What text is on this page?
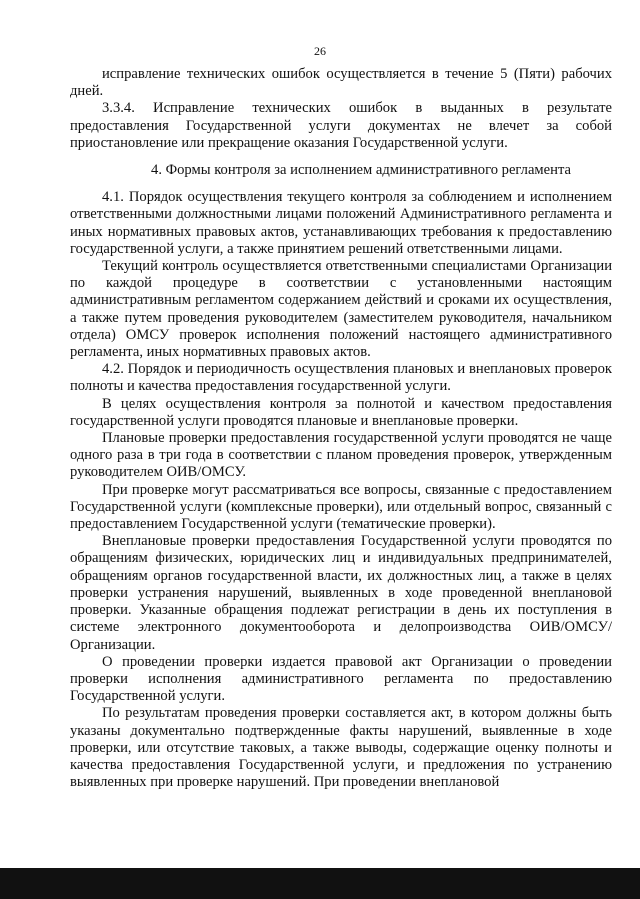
26

исправление технических ошибок осуществляется в течение 5 (Пяти) рабочих дней.

3.3.4. Исправление технических ошибок в выданных в результате предоставления Государственной услуги документах не влечет за собой приостановление или прекращение оказания Государственной услуги.

4. Формы контроля за исполнением административного регламента

4.1. Порядок осуществления текущего контроля за соблюдением и исполнением ответственными должностными лицами положений Административного регламента и иных нормативных правовых актов, устанавливающих требования к предоставлению государственной услуги, а также принятием решений ответственными лицами.

Текущий контроль осуществляется ответственными специалистами Организации по каждой процедуре в соответствии с установленными настоящим административным регламентом содержанием действий и сроками их осуществления, а также путем проведения руководителем (заместителем руководителя, начальником отдела) ОМСУ проверок исполнения положений настоящего административного регламента, иных нормативных правовых актов.

4.2. Порядок и периодичность осуществления плановых и внеплановых проверок полноты и качества предоставления государственной услуги.

В целях осуществления контроля за полнотой и качеством предоставления государственной услуги проводятся плановые и внеплановые проверки.

Плановые проверки предоставления государственной услуги проводятся не чаще одного раза в три года в соответствии с планом проведения проверок, утвержденным руководителем ОИВ/ОМСУ.

При проверке могут рассматриваться все вопросы, связанные с предоставлением Государственной услуги (комплексные проверки), или отдельный вопрос, связанный с предоставлением Государственной услуги (тематические проверки).

Внеплановые проверки предоставления Государственной услуги проводятся по обращениям физических, юридических лиц и индивидуальных предпринимателей, обращениям органов государственной власти, их должностных лиц, а также в целях проверки устранения нарушений, выявленных в ходе проведенной внеплановой проверки. Указанные обращения подлежат регистрации в день их поступления в системе электронного документооборота и делопроизводства ОИВ/ОМСУ/Организации.

О проведении проверки издается правовой акт Организации о проведении проверки исполнения административного регламента по предоставлению Государственной услуги.

По результатам проведения проверки составляется акт, в котором должны быть указаны документально подтвержденные факты нарушений, выявленные в ходе проверки, или отсутствие таковых, а также выводы, содержащие оценку полноты и качества предоставления Государственной услуги, и предложения по устранению выявленных при проверке нарушений. При проведении внеплановой
